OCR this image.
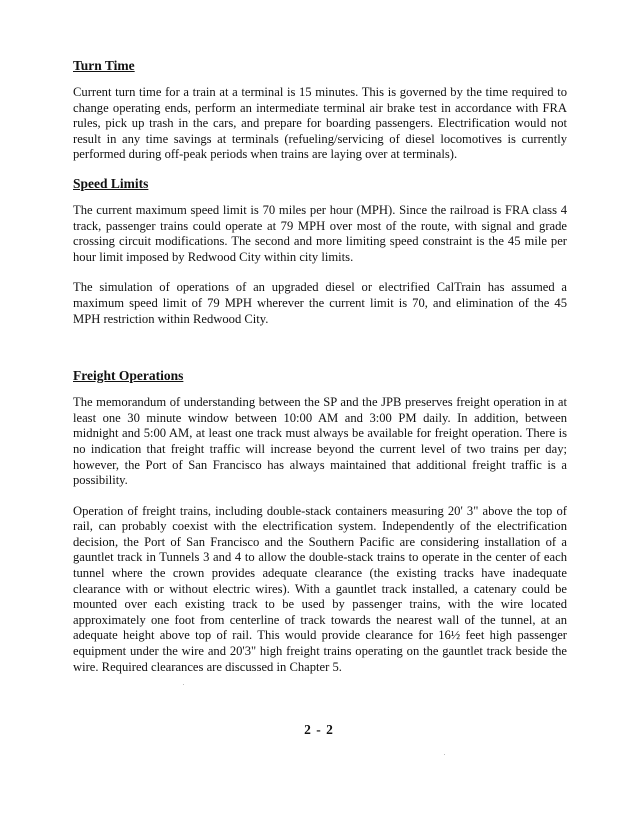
Turn Time

Current turn time for a train at a terminal is 15 minutes. This is governed by the time required to change operating ends, perform an intermediate terminal air brake test in accordance with FRA rules, pick up trash in the cars, and prepare for boarding passengers. Electrification would not result in any time savings at terminals (refueling/servicing of diesel locomotives is currently performed during off-peak periods when trains are laying over at terminals).

Speed Limits

The current maximum speed limit is 70 miles per hour (MPH). Since the railroad is FRA class 4 track, passenger trains could operate at 79 MPH over most of the route, with signal and grade crossing circuit modifications. The second and more limiting speed constraint is the 45 mile per hour limit imposed by Redwood City within city limits.

The simulation of operations of an upgraded diesel or electrified CalTrain has assumed a maximum speed limit of 79 MPH wherever the current limit is 70, and elimination of the 45 MPH restriction within Redwood City.

Freight Operations

The memorandum of understanding between the SP and the JPB preserves freight operation in at least one 30 minute window between 10:00 AM and 3:00 PM daily. In addition, between midnight and 5:00 AM, at least one track must always be available for freight operation. There is no indication that freight traffic will increase beyond the current level of two trains per day; however, the Port of San Francisco has always maintained that additional freight traffic is a possibility.

Operation of freight trains, including double-stack containers measuring 20' 3" above the top of rail, can probably coexist with the electrification system. Independently of the electrification decision, the Port of San Francisco and the Southern Pacific are considering installation of a gauntlet track in Tunnels 3 and 4 to allow the double-stack trains to operate in the center of each tunnel where the crown provides adequate clearance (the existing tracks have inadequate clearance with or without electric wires). With a gauntlet track installed, a catenary could be mounted over each existing track to be used by passenger trains, with the wire located approximately one foot from centerline of track towards the nearest wall of the tunnel, at an adequate height above top of rail. This would provide clearance for 16½ feet high passenger equipment under the wire and 20'3" high freight trains operating on the gauntlet track beside the wire. Required clearances are discussed in Chapter 5.

2 - 2
